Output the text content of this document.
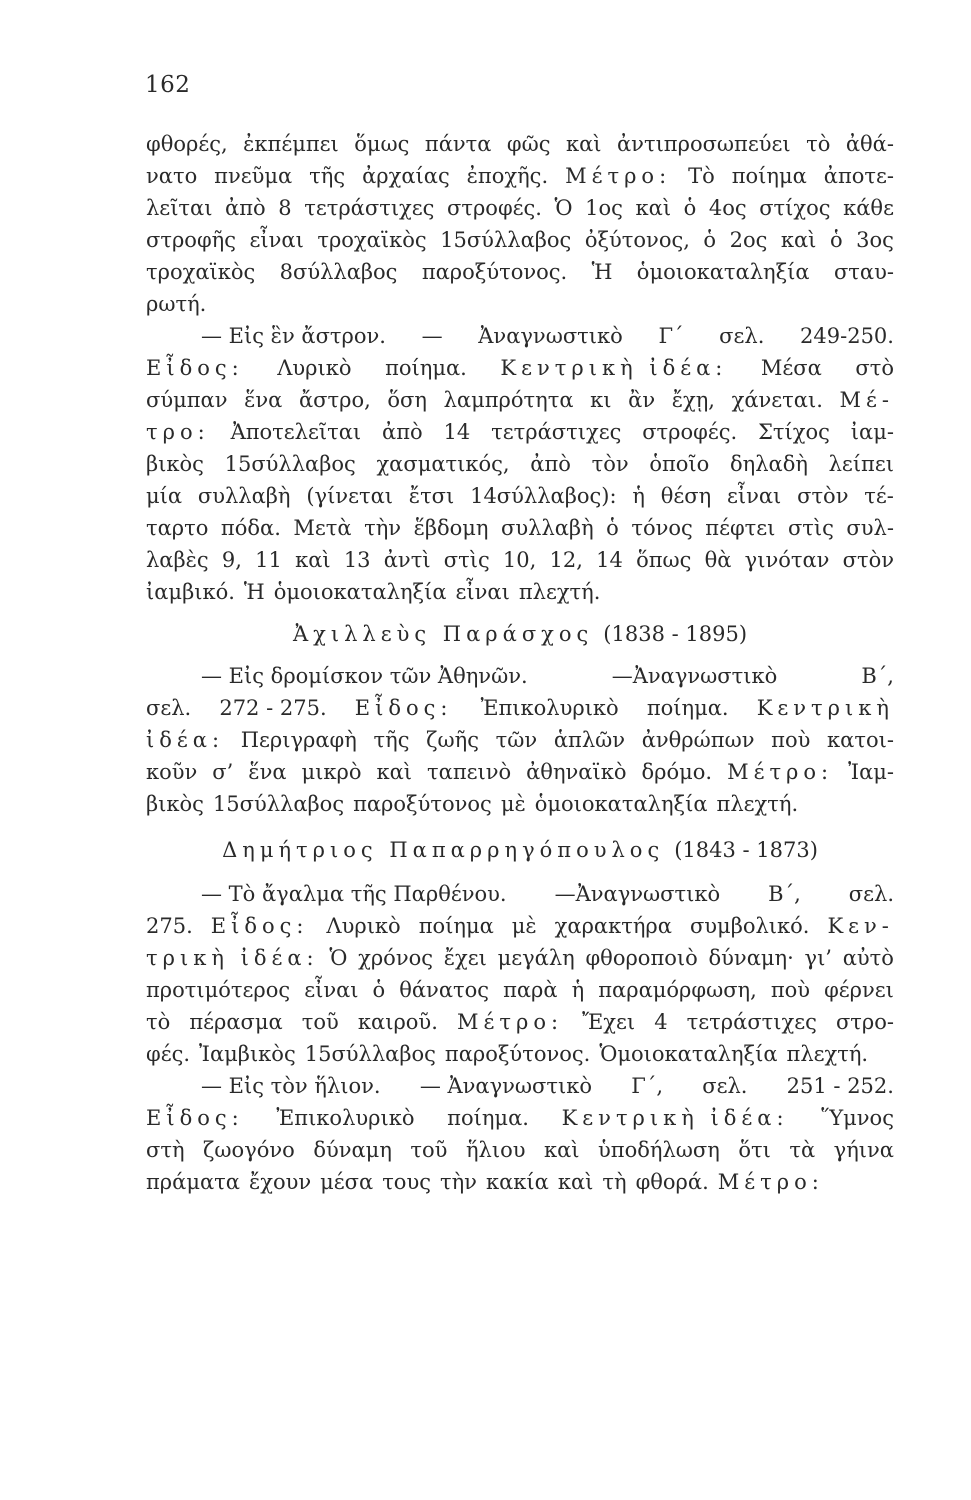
162
φθορές, ἐκπέμπει ὅμως πάντα φῶς καὶ ἀντιπροσωπεύει τὸ ἀθά-
νατο πνεῦμα τῆς ἀρχαίας ἐποχῆς. Μέτρο: Τὸ ποίημα ἀποτε-
λεῖται ἀπὸ 8 τετράστιχες στροφές. Ὁ 1ος καὶ ὁ 4ος στίχος κάθε
στροφῆς εἶναι τροχαϊκὸς 15σύλλαβος ὀξύτονος, ὁ 2ος καὶ ὁ 3ος
τροχαϊκὸς 8σύλλαβος παροξύτονος. Ἡ ὁμοιοκαταληξία σταυ-
ρωτή.
— Εἰς ἓν ἄστρον. — Ἀναγνωστικὸ Γ΄ σελ. 249-250.
Εἶδος: Λυρικὸ ποίημα. Κεντρικὴ ἰδέα: Μέσα στὸ
σύμπαν ἕνα ἄστρο, ὅση λαμπρότητα κι ἂν ἔχῃ, χάνεται. Μέ-
τρο: Ἀποτελεῖται ἀπὸ 14 τετράστιχες στροφές. Στίχος ἰαμ-
βικὸς 15σύλλαβος χασματικός, ἀπὸ τὸν ὁποῖο δηλαδὴ λείπει
μία συλλαβὴ (γίνεται ἔτσι 14σύλλαβος): ἡ θέση εἶναι στὸν τέ-
ταρτο πόδα. Μετὰ τὴν ἕβδομη συλλαβὴ ὁ τόνος πέφτει στὶς συλ-
λαβὲς 9, 11 καὶ 13 ἀντὶ στὶς 10, 12, 14 ὅπως θὰ γινόταν στὸν
ἰαμβικό. Ἡ ὁμοιοκαταληξία εἶναι πλεχτή.
Ἀχιλλεὺς Παράσχος (1838 - 1895)
— Εἰς δρομίσκον τῶν Ἀθηνῶν.	—Ἀναγνωστικὸ	Β΄,
σελ. 272 - 275. Εἶδος: Ἐπικολυρικὸ ποίημα. Κεντρικὴ
ἰδέα: Περιγραφὴ τῆς ζωῆς τῶν ἁπλῶν ἀνθρώπων ποὺ κατοι-
κοῦν σ’ ἕνα μικρὸ καὶ ταπεινὸ ἀθηναϊκὸ δρόμο. Μέτρο: Ἰαμ-
βικὸς 15σύλλαβος παροξύτονος μὲ ὁμοιοκαταληξία πλεχτή.
Δημήτριος Παπαρρηγόπουλος (1843 - 1873)
— Τὸ ἄγαλμα τῆς Παρθένου. —Ἀναγνωστικὸ Β΄, σελ.
275. Εἶδος: Λυρικὸ ποίημα μὲ χαρακτήρα συμβολικό. Κεν-
τρικὴ ἰδέα: Ὁ χρόνος ἔχει μεγάλη φθοροποιὸ δύναμη· γι’ αὐτὸ
προτιμότερος εἶναι ὁ θάνατος παρὰ ἡ παραμόρφωση, ποὺ φέρνει
τὸ πέρασμα τοῦ καιροῦ. Μέτρο: Ἔχει 4 τετράστιχες στρο-
φές. Ἰαμβικὸς 15σύλλαβος παροξύτονος. Ὁμοιοκαταληξία πλεχτή.
— Εἰς τὸν ἥλιον. — Ἀναγνωστικὸ Γ΄, σελ. 251 - 252.
Εἶδος: Ἐπικολυρικὸ ποίημα. Κεντρικὴ ἰδέα: Ὕμνος
στὴ ζωογόνο δύναμη τοῦ ἥλιου καὶ ὑποδήλωση ὅτι τὰ γήινα
πράματα ἔχουν μέσα τους τὴν κακία καὶ τὴ φθορά. Μέτρο:
